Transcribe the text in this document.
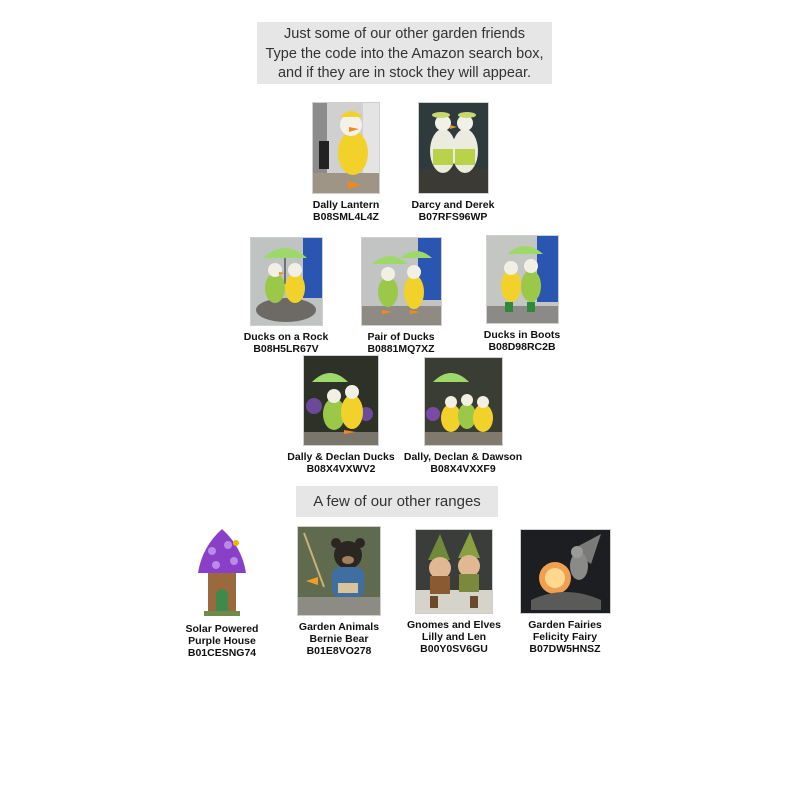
Just some of our other garden friends
Type the code into the Amazon search box,
and if they are in stock they will appear.
Dally Lantern
B08SML4L4Z
Darcy and Derek
B07RFS96WP
Ducks on a Rock
B08H5LR67V
Pair of Ducks
B0881MQ7XZ
Ducks in Boots
B08D98RC2B
Dally & Declan Ducks
B08X4VXWV2
Dally, Declan & Dawson
B08X4VXXF9
A few of our other ranges
Solar Powered
Purple House
B01CESNG74
Garden Animals
Bernie Bear
B01E8VO278
Gnomes and Elves
Lilly and Len
B00Y0SV6GU
Garden Fairies
Felicity Fairy
B07DW5HNSZ
